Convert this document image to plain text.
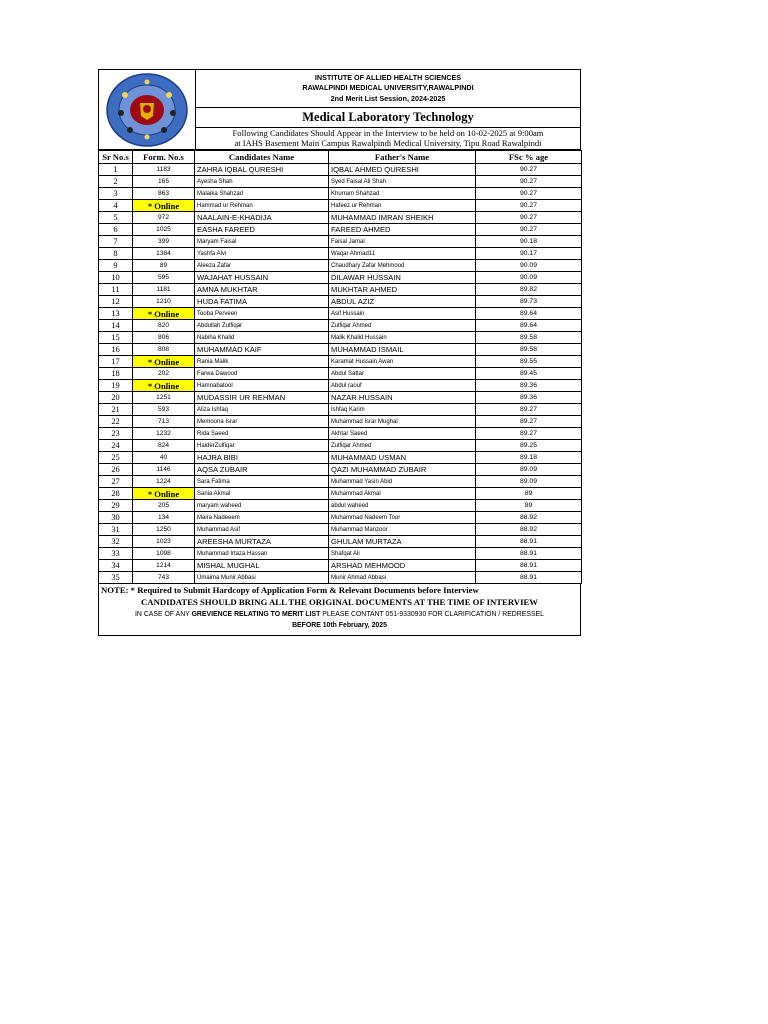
INSTITUTE OF ALLIED HEALTH SCIENCES
RAWALPINDI MEDICAL UNIVERSITY,RAWALPINDI
2nd Merit List Session, 2024-2025
Medical Laboratory Technology
Following Candidates Should Appear in the Interview to be held on 10-02-2025 at 9:00am
at IAHS Basement Main Campus Rawalpindi Medical University, Tipu Road Rawalpindi
Sr No.s	Form. No.s	Candidates Name	Father's Name	FSc % age
1	1183	ZAHRA IQBAL QURESHI	IQBAL AHMED QURESHI	90.27
2	165	Ayesha Shah	Syed Faisal Ali Shah	90.27
3	863	Malaika Shahzad	Khurram Shahzad	90.27
4	* Online	Hammad ur Rehman	Hafeez ur Rehman	90.27
5	972	NAALAIN-E-KHADIJA	MUHAMMAD IMRAN SHEIKH	90.27
6	1025	EASHA FAREED	FAREED AHMED	90.27
7	399	Maryam Faisal	Faisal Jamal	90.18
8	1384	Yashfa Alvi	Waqar Ahmad11	90.17
9	89	Aleeza Zafar	Chaudhary Zafar Mehmood	90.09
10	595	WAJAHAT HUSSAIN	DILAWAR HUSSAIN	90.09
11	1181	AMNA MUKHTAR	MUKHTAR AHMED	89.82
12	1210	HUDA FATIMA	ABDUL AZIZ	89.73
13	* Online	Tooba Perveen	Asif Hussain	89.64
14	820	Abdullah Zulfiqar	Zulfiqar Ahmed	89.64
15	806	Nabiha Khalid	Malik Khalid Hussain	89.58
16	808	MUHAMMAD KAIF	MUHAMMAD ISMAIL	89.58
17	* Online	Rania Malik	Karamat Hussain Awan	89.55
18	202	Farwa Dawood	Abdul Sattar	89.45
19	* Online	Hamnabatool	Abdul raouf	89.36
20	1251	MUDASSIR UR REHMAN	NAZAR HUSSAIN	89.36
21	593	Aliza Ishfaq	Ishfaq Karim	89.27
22	713	Memoona Israr	Muhammad Israr Mughal	89.27
23	1232	Rida Saeed	Akhtar Saeed	89.27
24	824	HaiderZulfiqar	Zulfiqar Ahmed	89.25
25	40	HAJRA BIBI	MUHAMMAD USMAN	89.18
26	1146	AQSA ZUBAIR	QAZI MUHAMMAD ZUBAIR	89.09
27	1224	Sara Fatima	Muhammad Yasin Abid	89.09
28	* Online	Sania Akmal	Muhammad Akmal	89
29	205	maryam waheed	abdul waheed	89
30	134	Maira Nadeeem	Muhammad Nadeem Toor	88.92
31	1250	Muhammad Asif	Muhammad Manzoor	88.92
32	1023	AREESHA MURTAZA	GHULAM MURTAZA	88.91
33	1098	Muhammad Irtaza Hassan	Shafqat Ali	88.91
34	1214	MISHAL MUGHAL	ARSHAD MEHMOOD	88.91
35	743	Umaima Munir Abbasi	Munir Ahmad Abbasi	88.91
NOTE: * Required to Submit Hardcopy of Application Form & Relevant Documents before Interview
CANDIDATES SHOULD BRING ALL THE ORIGINAL DOCUMENTS AT THE TIME OF INTERVIEW
IN CASE OF ANY GREVIENCE RELATING TO MERIT LIST PLEASE CONTANT 051-9330930 FOR CLARIFICATION / REDRESSEL
BEFORE 10th February, 2025
